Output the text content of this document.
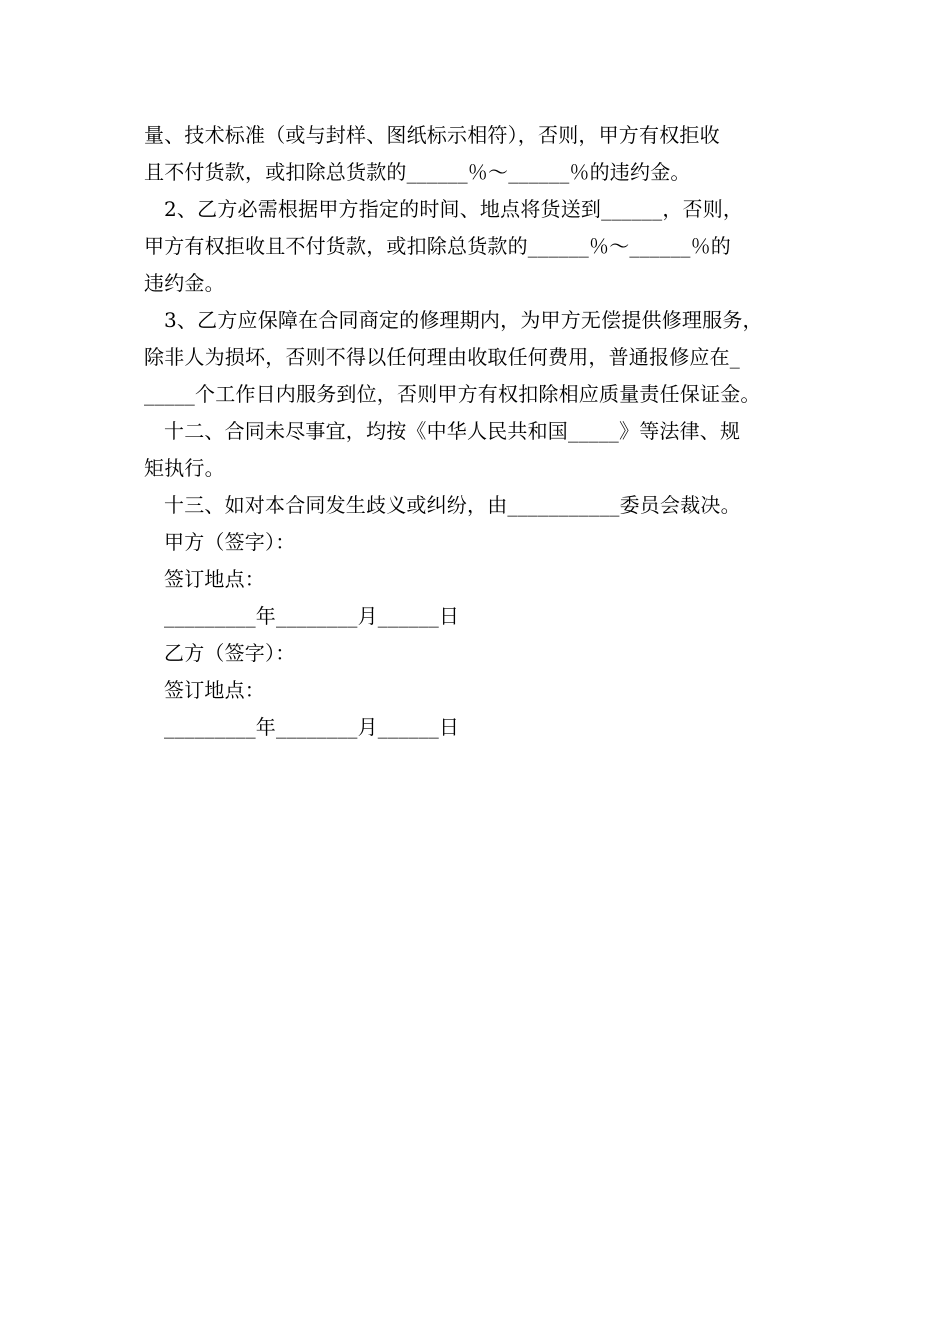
量、技术标准（或与封样、图纸标示相符），否则，甲方有权拒收
且不付货款，或扣除总货款的______％～______％的违约金。
2、乙方必需根据甲方指定的时间、地点将货送到______，否则，
甲方有权拒收且不付货款，或扣除总货款的______％～______％的
违约金。
3、乙方应保障在合同商定的修理期内，为甲方无偿提供修理服务，
除非人为损坏，否则不得以任何理由收取任何费用，普通报修应在_
_____个工作日内服务到位，否则甲方有权扣除相应质量责任保证金。
十二、合同未尽事宜，均按《中华人民共和国_____》等法律、规
矩执行。
十三、如对本合同发生歧义或纠纷，由___________委员会裁决。
甲方（签字）：
签订地点：
_________年________月______日
乙方（签字）：
签订地点：
_________年________月______日
